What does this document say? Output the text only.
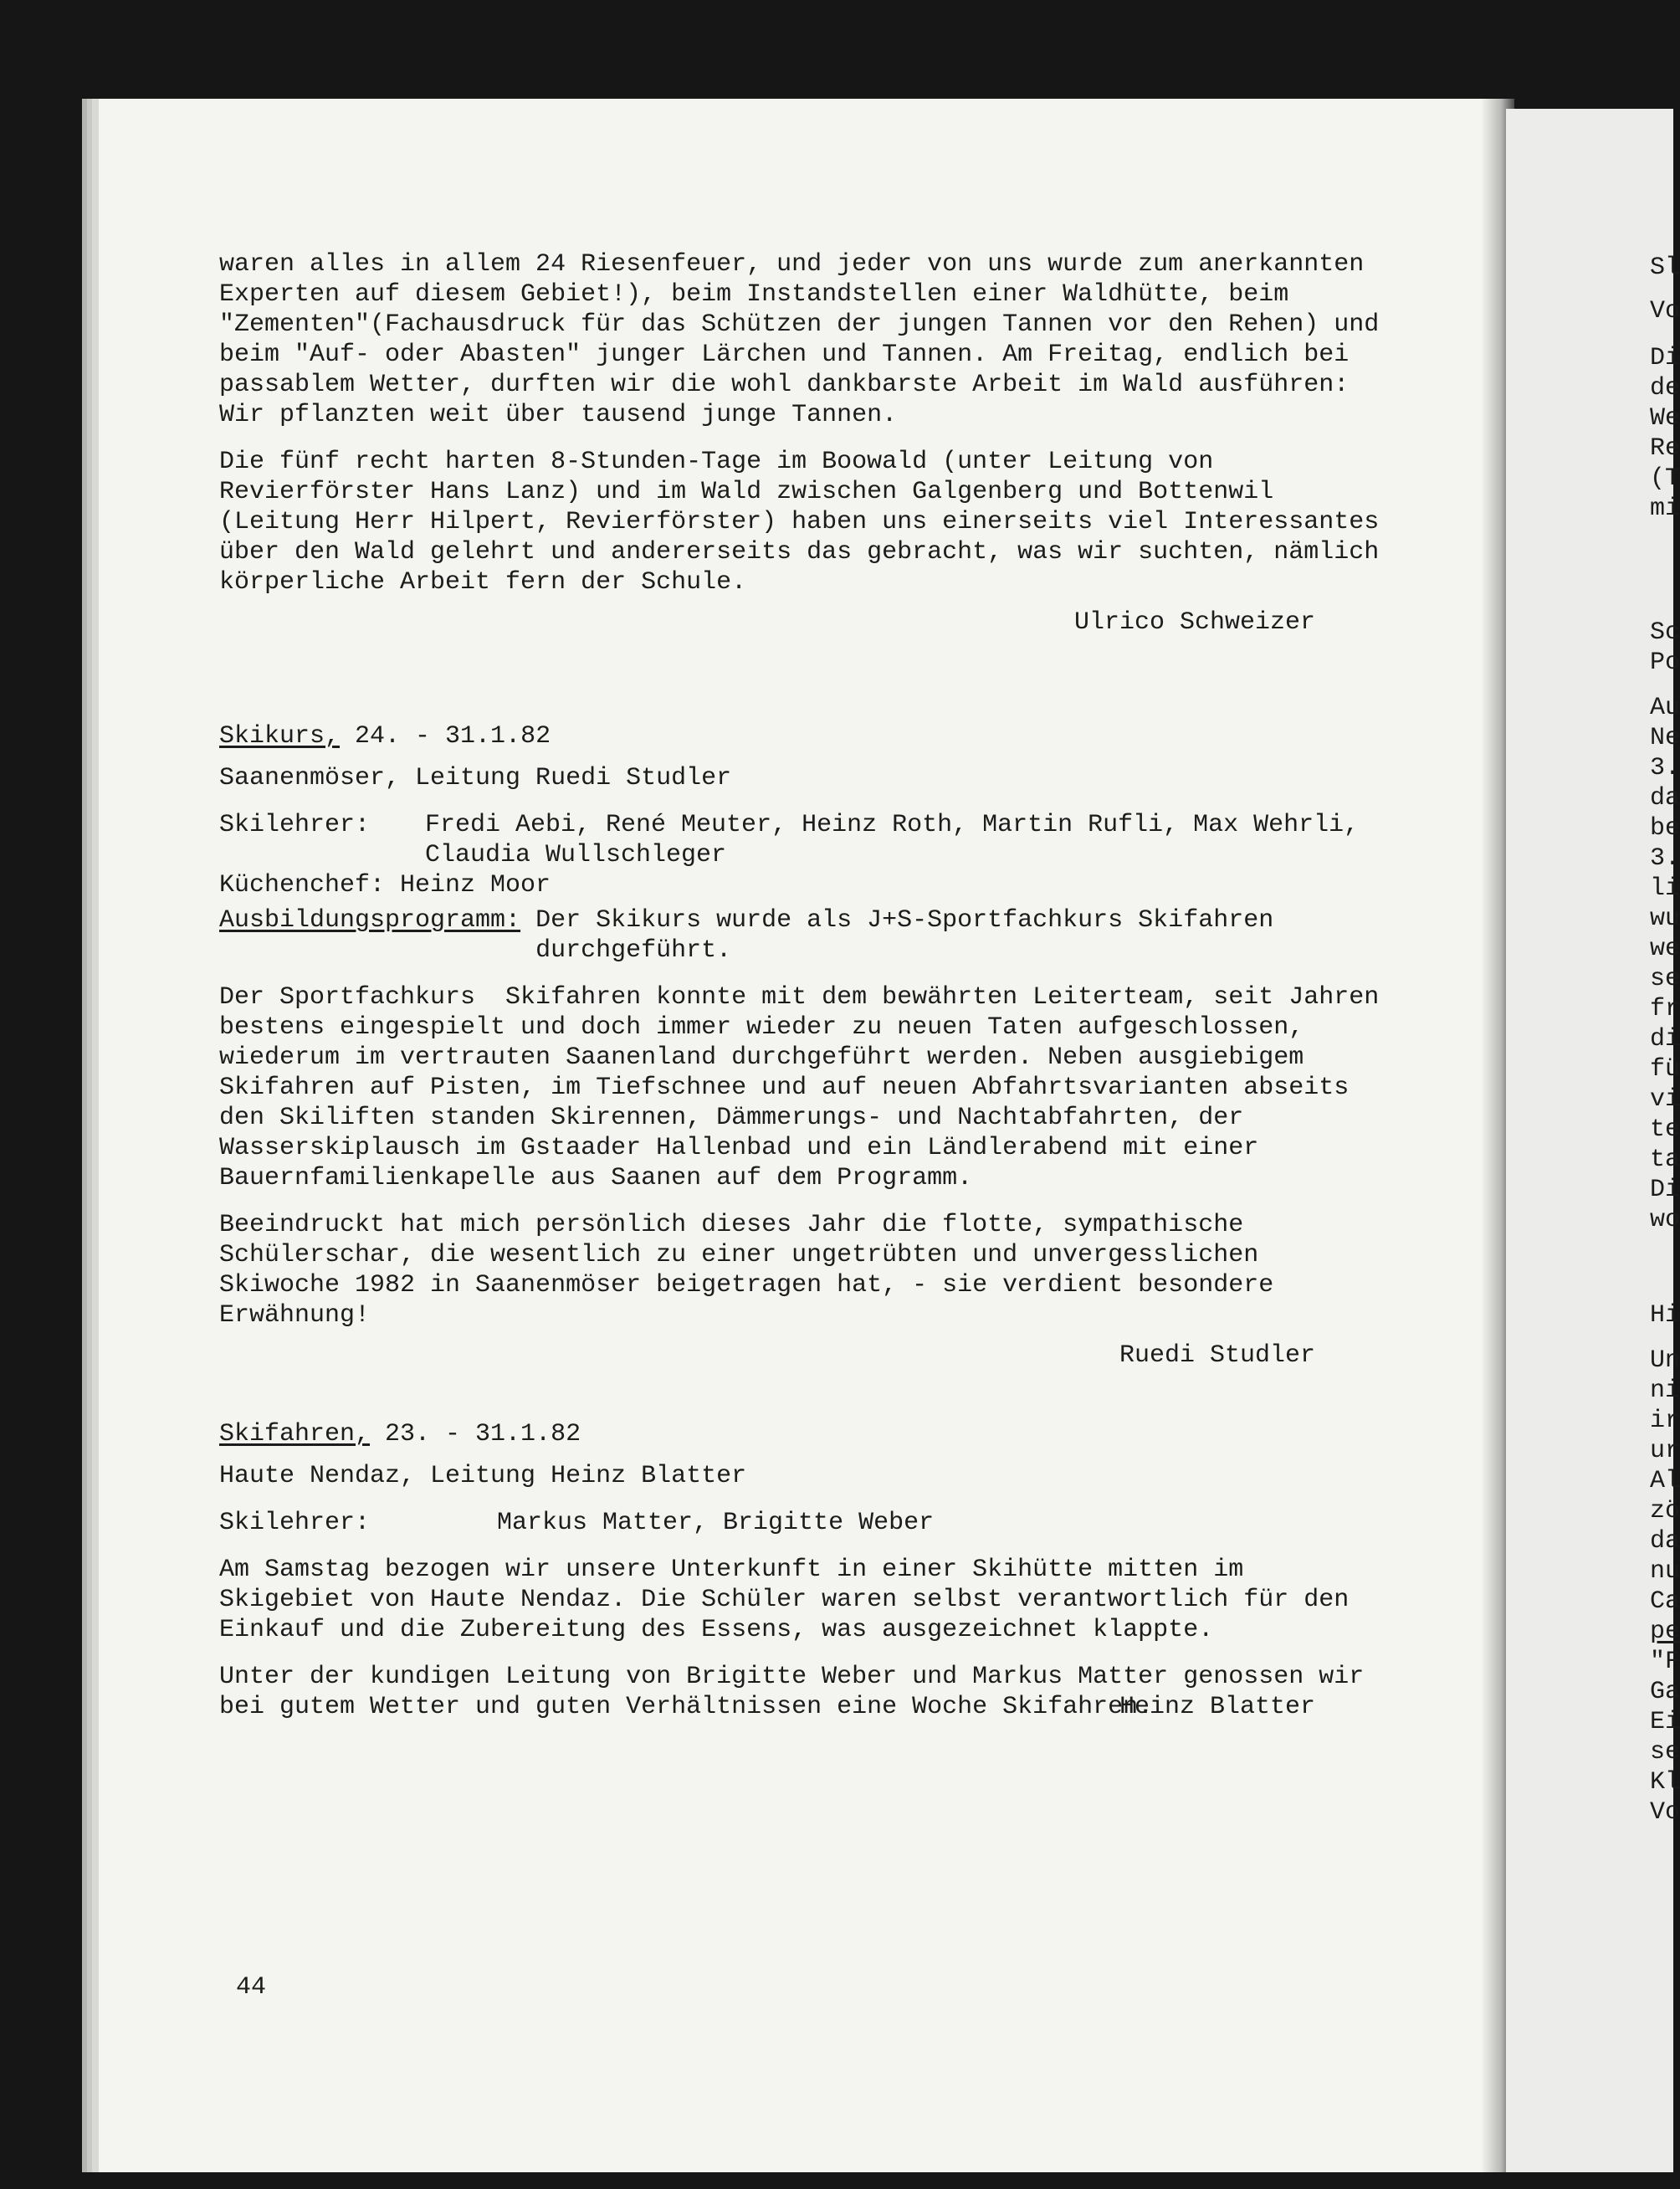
waren alles in allem 24 Riesenfeuer, und jeder von uns wurde zum anerkannten Experten auf diesem Gebiet!), beim Instandstellen einer Waldhütte, beim "Zementen"(Fachausdruck für das Schützen der jungen Tannen vor den Rehen) und beim "Auf- oder Abasten" junger Lärchen und Tannen. Am Freitag, endlich bei passablem Wetter, durften wir die wohl dankbarste Arbeit im Wald ausführen: Wir pflanzten weit über tausend junge Tannen.

Die fünf recht harten 8-Stunden-Tage im Boowald (unter Leitung von Revierförster Hans Lanz) und im Wald zwischen Galgenberg und Bottenwil (Leitung Herr Hilpert, Revierförster) haben uns einerseits viel Interessantes über den Wald gelehrt und andererseits das gebracht, was wir suchten, nämlich körperliche Arbeit fern der Schule.

Ulrico Schweizer

Skikurs, 24. - 31.1.82

Saanenmöser, Leitung Ruedi Studler

Skilehrer:	Fredi Aebi, René Meuter, Heinz Roth, Martin Rufli, Max Wehrli, Claudia Wullschleger

Küchenchef: Heinz Moor

Ausbildungsprogramm: Der Skikurs wurde als J+S-Sportfachkurs Skifahren durchgeführt.

Der Sportfachkurs  Skifahren konnte mit dem bewährten Leiterteam, seit Jahren bestens eingespielt und doch immer wieder zu neuen Taten aufgeschlossen, wiederum im vertrauten Saanenland durchgeführt werden. Neben ausgiebigem Skifahren auf Pisten, im Tiefschnee und auf neuen Abfahrtsvarianten abseits den Skiliften standen Skirennen, Dämmerungs- und Nachtabfahrten, der Wasserskiplausch im Gstaader Hallenbad und ein Ländlerabend mit einer Bauernfamilienkapelle aus Saanen auf dem Programm.

Beeindruckt hat mich persönlich dieses Jahr die flotte, sympathische Schülerschar, die wesentlich zu einer ungetrübten und unvergesslichen Skiwoche 1982 in Saanenmöser beigetragen hat, - sie verdient besondere Erwähnung!

Ruedi Studler

Skifahren, 23. - 31.1.82

Haute Nendaz, Leitung Heinz Blatter

Skilehrer:	Markus Matter, Brigitte Weber

Am Samstag bezogen wir unsere Unterkunft in einer Skihütte mitten im Skigebiet von Haute Nendaz. Die Schüler waren selbst verantwortlich für den Einkauf und die Zubereitung des Essens, was ausgezeichnet klappte.

Unter der kundigen Leitung von Brigitte Weber und Markus Matter genossen wir bei gutem Wetter und guten Verhältnissen eine Woche Skifahren.

Heinz Blatter

44
Sl
Vo
Di
de
We
Re
(T
mi
Sc
Po
Au
Ne
3.
da
be
3.
li
wu
we
se
fr
di
fü
vi
te
ta
Di
wo
Hi
Un
ni
ir
ur
Al
zö
da
nu
Ca
pe
"F
Ga
Ei
se
Kl
Vo
